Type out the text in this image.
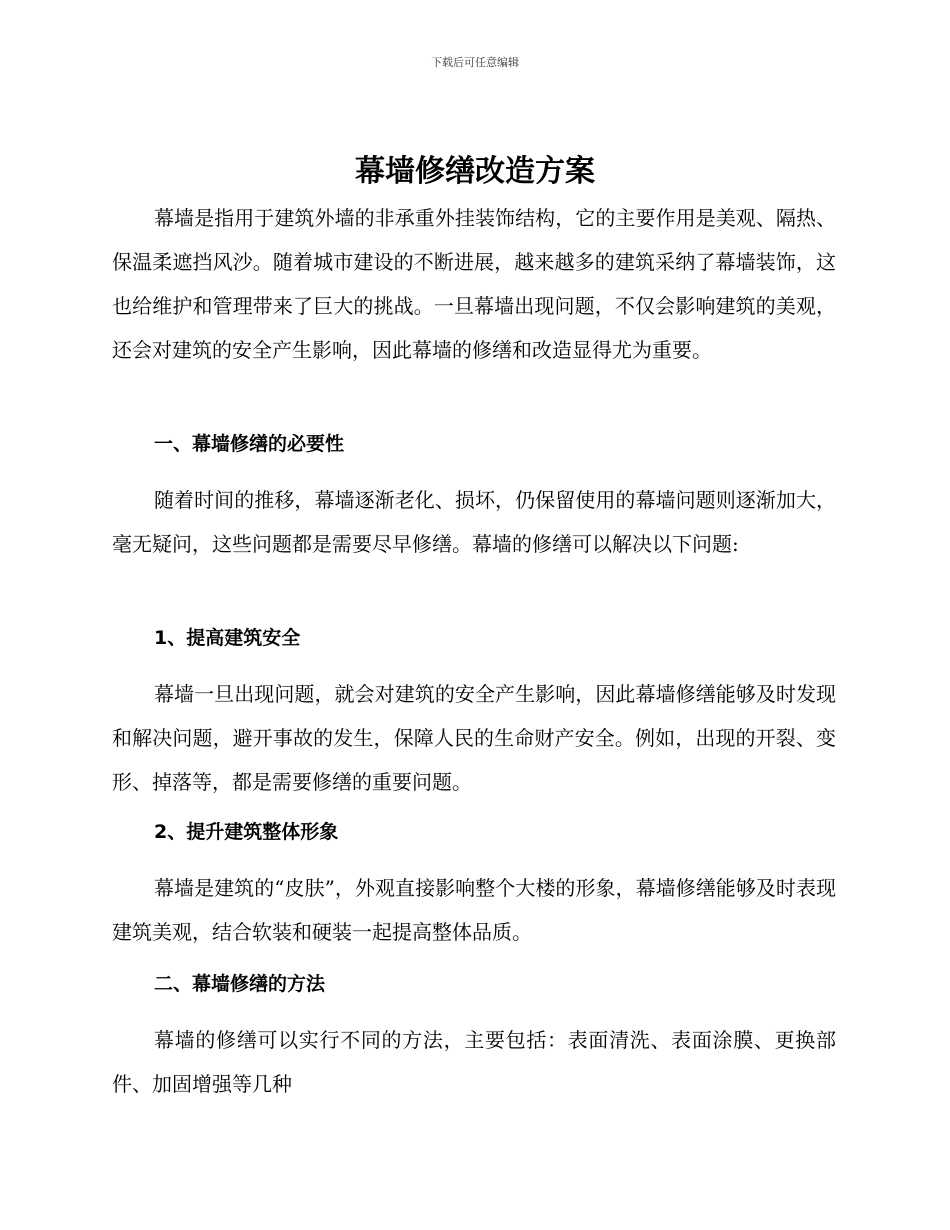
下载后可任意编辑
幕墙修缮改造方案

幕墙是指用于建筑外墙的非承重外挂装饰结构，它的主要作用是美观、隔热、保温柔遮挡风沙。随着城市建设的不断进展，越来越多的建筑采纳了幕墙装饰，这也给维护和管理带来了巨大的挑战。一旦幕墙出现问题，不仅会影响建筑的美观，还会对建筑的安全产生影响，因此幕墙的修缮和改造显得尤为重要。

一、幕墙修缮的必要性

随着时间的推移，幕墙逐渐老化、损坏，仍保留使用的幕墙问题则逐渐加大，毫无疑问，这些问题都是需要尽早修缮。幕墙的修缮可以解决以下问题:

1、提高建筑安全

幕墙一旦出现问题，就会对建筑的安全产生影响，因此幕墙修缮能够及时发现和解决问题，避开事故的发生，保障人民的生命财产安全。例如，出现的开裂、变形、掉落等，都是需要修缮的重要问题。

2、提升建筑整体形象

幕墙是建筑的“皮肤”，外观直接影响整个大楼的形象，幕墙修缮能够及时表现建筑美观，结合软装和硬装一起提高整体品质。

二、幕墙修缮的方法

幕墙的修缮可以实行不同的方法，主要包括：表面清洗、表面涂膜、更换部件、加固增强等几种
